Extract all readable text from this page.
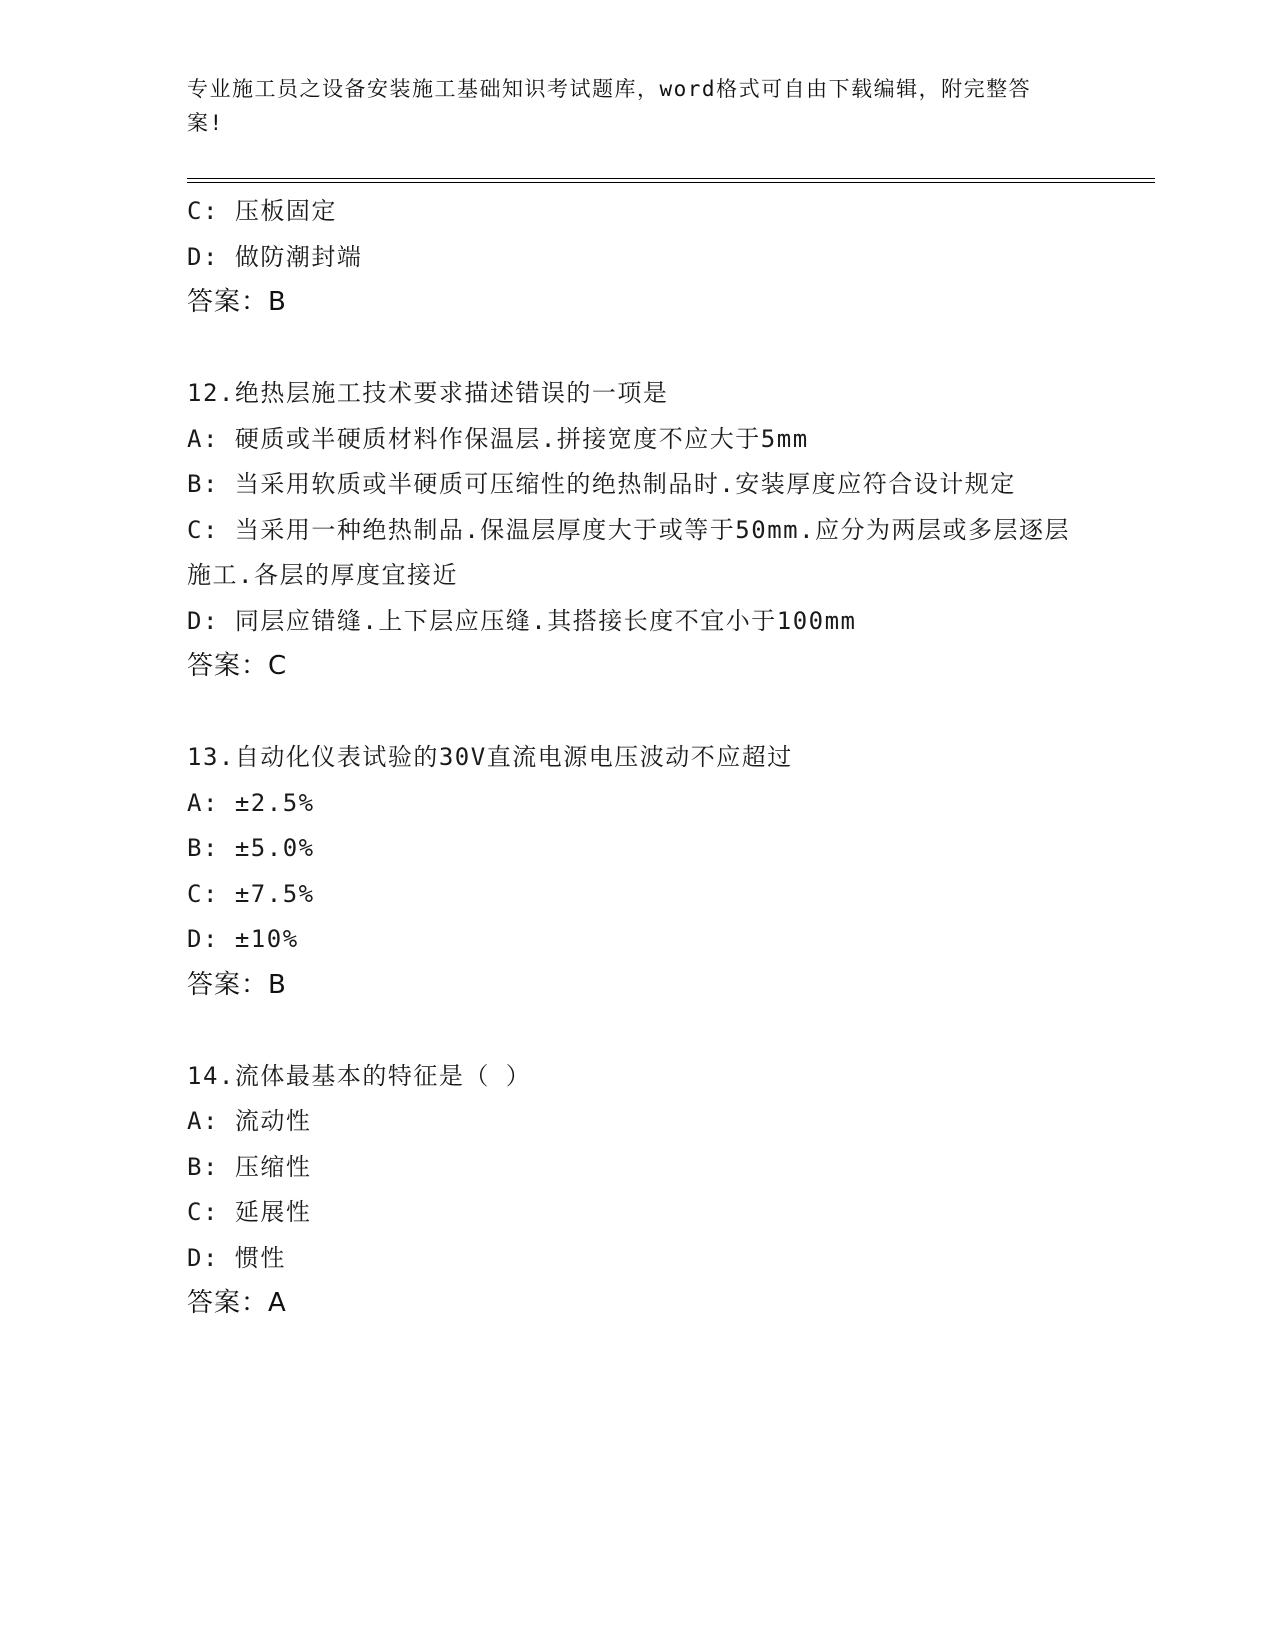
专业施工员之设备安装施工基础知识考试题库，word格式可自由下载编辑，附完整答案!
C: 压板固定
D: 做防潮封端
答案：B
12.绝热层施工技术要求描述错误的一项是
A: 硬质或半硬质材料作保温层.拼接宽度不应大于5mm
B: 当采用软质或半硬质可压缩性的绝热制品时.安装厚度应符合设计规定
C: 当采用一种绝热制品.保温层厚度大于或等于50mm.应分为两层或多层逐层施工.各层的厚度宜接近
D: 同层应错缝.上下层应压缝.其搭接长度不宜小于100mm
答案：C
13.自动化仪表试验的30V直流电源电压波动不应超过
A: ±2.5%
B: ±5.0%
C: ±7.5%
D: ±10%
答案：B
14.流体最基本的特征是（ ）
A: 流动性
B: 压缩性
C: 延展性
D: 惯性
答案：A
